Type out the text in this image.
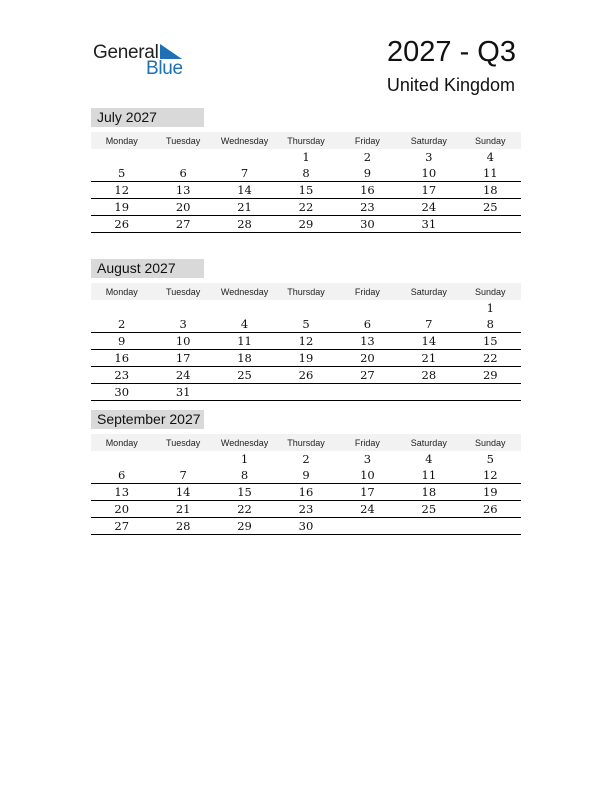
General
Blue
2027 - Q3
United Kingdom
July 2027
Monday	Tuesday	Wednesday	Thursday	Friday	Saturday	Sunday
			1	2	3	4
5	6	7	8	9	10	11
12	13	14	15	16	17	18
19	20	21	22	23	24	25
26	27	28	29	30	31	
August 2027
Monday	Tuesday	Wednesday	Thursday	Friday	Saturday	Sunday
						1
2	3	4	5	6	7	8
9	10	11	12	13	14	15
16	17	18	19	20	21	22
23	24	25	26	27	28	29
30	31					
September 2027
Monday	Tuesday	Wednesday	Thursday	Friday	Saturday	Sunday
		1	2	3	4	5
6	7	8	9	10	11	12
13	14	15	16	17	18	19
20	21	22	23	24	25	26
27	28	29	30			
